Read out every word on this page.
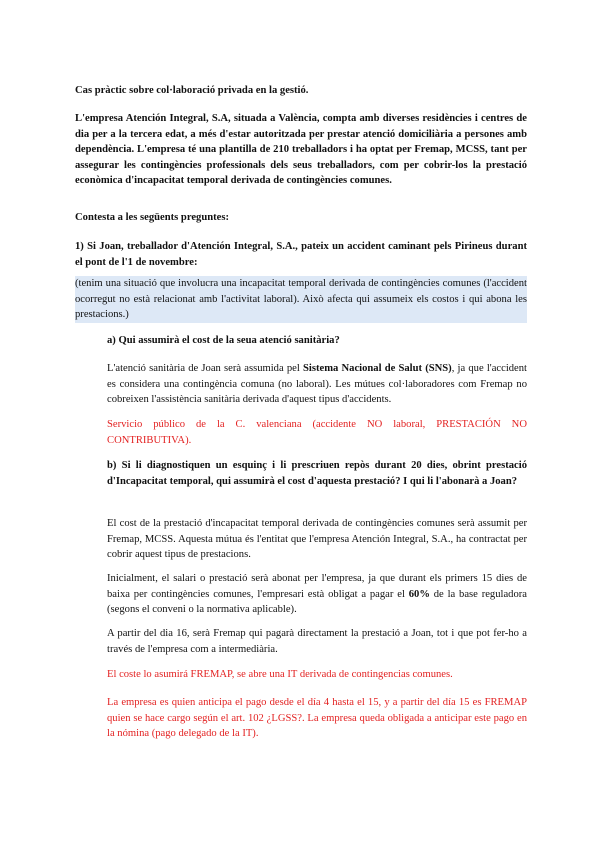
Cas pràctic sobre col·laboració privada en la gestió.

L'empresa Atención Integral, S.A, situada a València, compta amb diverses residències i centres de dia per a la tercera edat, a més d'estar autoritzada per prestar atenció domiciliària a persones amb dependència. L'empresa té una plantilla de 210 treballadors i ha optat per Fremap, MCSS, tant per assegurar les contingències professionals dels seus treballadors, com per cobrir-los la prestació econòmica d'incapacitat temporal derivada de contingències comunes.

Contesta a les següents preguntes:

1) Si Joan, treballador d'Atención Integral, S.A., pateix un accident caminant pels Pirineus durant el pont de l'1 de novembre:

(tenim una situació que involucra una incapacitat temporal derivada de contingències comunes (l'accident ocorregut no està relacionat amb l'activitat laboral). Això afecta qui assumeix els costos i qui abona les prestacions.)

a) Qui assumirà el cost de la seua atenció sanitària?

L'atenció sanitària de Joan serà assumida pel Sistema Nacional de Salut (SNS), ja que l'accident es considera una contingència comuna (no laboral). Les mútues col·laboradores com Fremap no cobreixen l'assistència sanitària derivada d'aquest tipus d'accidents.

Servicio público de la C. valenciana (accidente NO laboral, PRESTACIÓN NO CONTRIBUTIVA).

b) Si li diagnostiquen un esquinç i li prescriuen repòs durant 20 dies, obrint prestació d'Incapacitat temporal, qui assumirà el cost d'aquesta prestació? I qui li l'abonarà a Joan?

El cost de la prestació d'incapacitat temporal derivada de contingències comunes serà assumit per Fremap, MCSS. Aquesta mútua és l'entitat que l'empresa Atención Integral, S.A., ha contractat per cobrir aquest tipus de prestacions.

Inicialment, el salari o prestació serà abonat per l'empresa, ja que durant els primers 15 dies de baixa per contingències comunes, l'empresari està obligat a pagar el 60% de la base reguladora (segons el conveni o la normativa aplicable).

A partir del dia 16, serà Fremap qui pagarà directament la prestació a Joan, tot i que pot fer-ho a través de l'empresa com a intermediària.

El coste lo asumirá FREMAP, se abre una IT derivada de contingencias comunes.

La empresa es quien anticipa el pago desde el día 4 hasta el 15, y a partir del día 15 es FREMAP quien se hace cargo según el art. 102 ¿LGSS?. La empresa queda obligada a anticipar este pago en la nómina (pago delegado de la IT).
